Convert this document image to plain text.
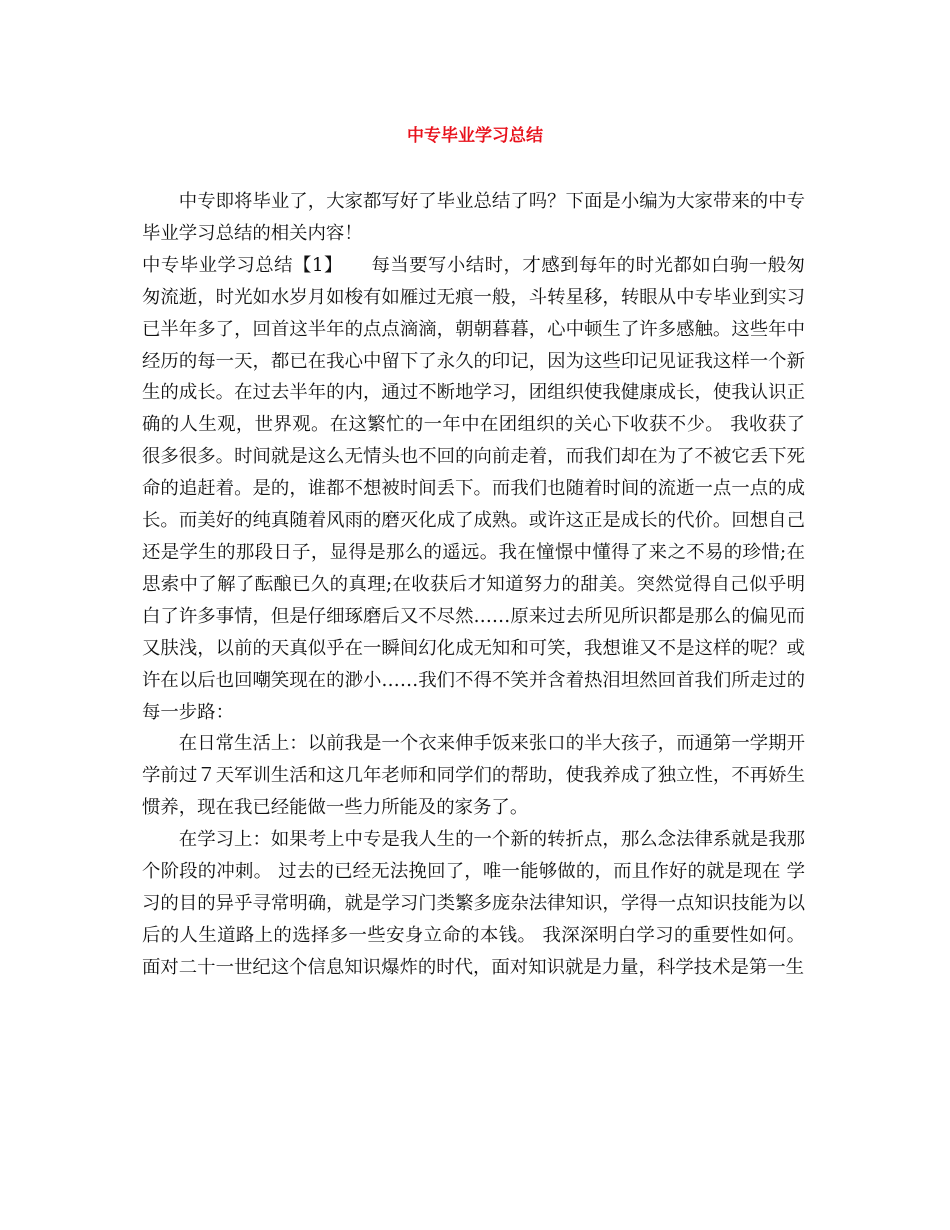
中专毕业学习总结

中专即将毕业了，大家都写好了毕业总结了吗？下面是小编为大家带来的中专毕业学习总结的相关内容！

中专毕业学习总结【1】　　 每当要写小结时，才感到每年的时光都如白驹一般匆匆流逝，时光如水岁月如梭有如雁过无痕一般，斗转星移，转眼从中专毕业到实习已半年多了，回首这半年的点点滴滴，朝朝暮暮，心中顿生了许多感触。这些年中经历的每一天，都已在我心中留下了永久的印记，因为这些印记见证我这样一个新生的成长。在过去半年的内，通过不断地学习，团组织使我健康成长，使我认识正确的人生观，世界观。在这繁忙的一年中在团组织的关心下收获不少。 我收获了很多很多。时间就是这么无情头也不回的向前走着，而我们却在为了不被它丢下死命的追赶着。是的，谁都不想被时间丢下。而我们也随着时间的流逝一点一点的成长。而美好的纯真随着风雨的磨灭化成了成熟。或许这正是成长的代价。回想自己还是学生的那段日子，显得是那么的遥远。我在憧憬中懂得了来之不易的珍惜;在思索中了解了酝酿已久的真理;在收获后才知道努力的甜美。突然觉得自己似乎明白了许多事情，但是仔细琢磨后又不尽然……原来过去所见所识都是那么的偏见而又肤浅，以前的天真似乎在一瞬间幻化成无知和可笑，我想谁又不是这样的呢？或许在以后也回嘲笑现在的渺小……我们不得不笑并含着热泪坦然回首我们所走过的每一步路：

在日常生活上：以前我是一个衣来伸手饭来张口的半大孩子，而通第一学期开学前过７天军训生活和这几年老师和同学们的帮助，使我养成了独立性，不再娇生惯养，现在我已经能做一些力所能及的家务了。

在学习上：如果考上中专是我人生的一个新的转折点，那么念法律系就是我那个阶段的冲刺。 过去的已经无法挽回了，唯一能够做的，而且作好的就是现在 学习的目的异乎寻常明确，就是学习门类繁多庞杂法律知识，学得一点知识技能为以后的人生道路上的选择多一些安身立命的本钱。 我深深明白学习的重要性如何。面对二十一世纪这个信息知识爆炸的时代，面对知识就是力量，科学技术是第一生
